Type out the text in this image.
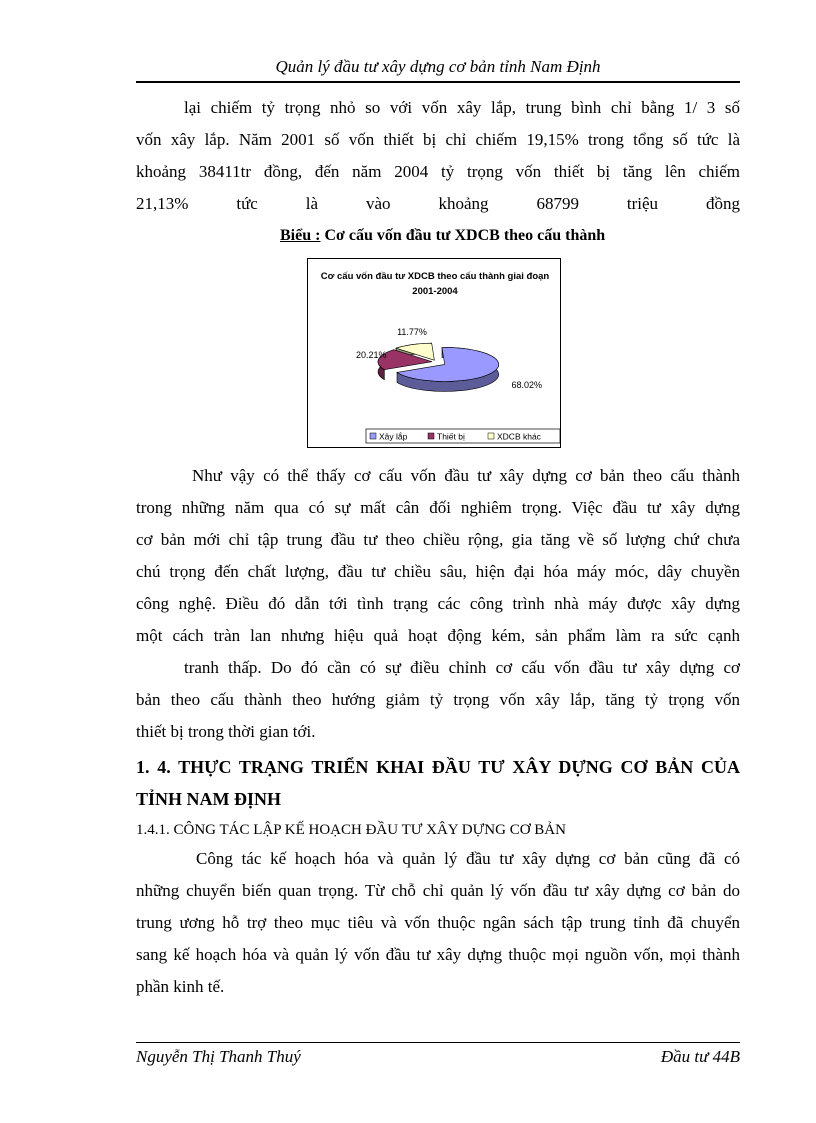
Quản lý đầu tư xây dựng cơ bản tỉnh Nam Định
lại chiếm tỷ trọng nhỏ so với vốn xây lắp, trung bình chỉ bằng 1/ 3 số
vốn xây lắp. Năm 2001 số vốn thiết bị chỉ chiếm 19,15% trong tổng số tức là
khoảng 38411tr đồng, đến năm 2004 tỷ trọng vốn thiết bị tăng lên chiếm
21,13% tức là vào khoảng 68799 triệu đồng
Biểu : Cơ cấu vốn đầu tư XDCB theo cấu thành
Cơ cấu vốn đầu tư XDCB theo cấu thành giai đoạn
2001-2004
68.02%
20.21%
11.77%
Xây lắp	Thiết bị	XDCB khác
Như vậy có thể thấy cơ cấu vốn đầu tư xây dựng cơ bản theo cấu thành
trong những năm qua có sự mất cân đối nghiêm trọng. Việc đầu tư xây dựng
cơ bản mới chỉ tập trung đầu tư theo chiều rộng, gia tăng về số lượng chứ chưa
chú trọng đến chất lượng, đầu tư chiều sâu, hiện đại hóa máy móc, dây chuyền
công nghệ. Điều đó dẫn tới tình trạng các công trình nhà máy được xây dựng
một cách tràn lan nhưng hiệu quả hoạt động kém, sản phẩm làm ra sức cạnh
tranh thấp. Do đó cần có sự điều chỉnh cơ cấu vốn đầu tư xây dựng cơ
bản theo cấu thành theo hướng giảm tỷ trọng vốn xây lắp, tăng tỷ trọng vốn
thiết bị trong thời gian tới.
1. 4. THỰC TRẠNG TRIỂN KHAI ĐẦU TƯ XÂY DỰNG CƠ BẢN CỦA
TỈNH NAM ĐỊNH
1.4.1. CÔNG TÁC LẬP KẾ HOẠCH ĐẦU TƯ XÂY DỰNG CƠ BẢN
Công tác kế hoạch hóa và quản lý đầu tư xây dựng cơ bản cũng đã có
những chuyển biến quan trọng. Từ chỗ chỉ quản lý vốn đầu tư xây dựng cơ bản do
trung ương hỗ trợ theo mục tiêu và vốn thuộc ngân sách tập trung tỉnh đã chuyển
sang kế hoạch hóa và quản lý vốn đầu tư xây dựng thuộc mọi nguồn vốn, mọi thành
phần kinh tế.
Nguyễn Thị Thanh Thuý	Đầu tư 44B
